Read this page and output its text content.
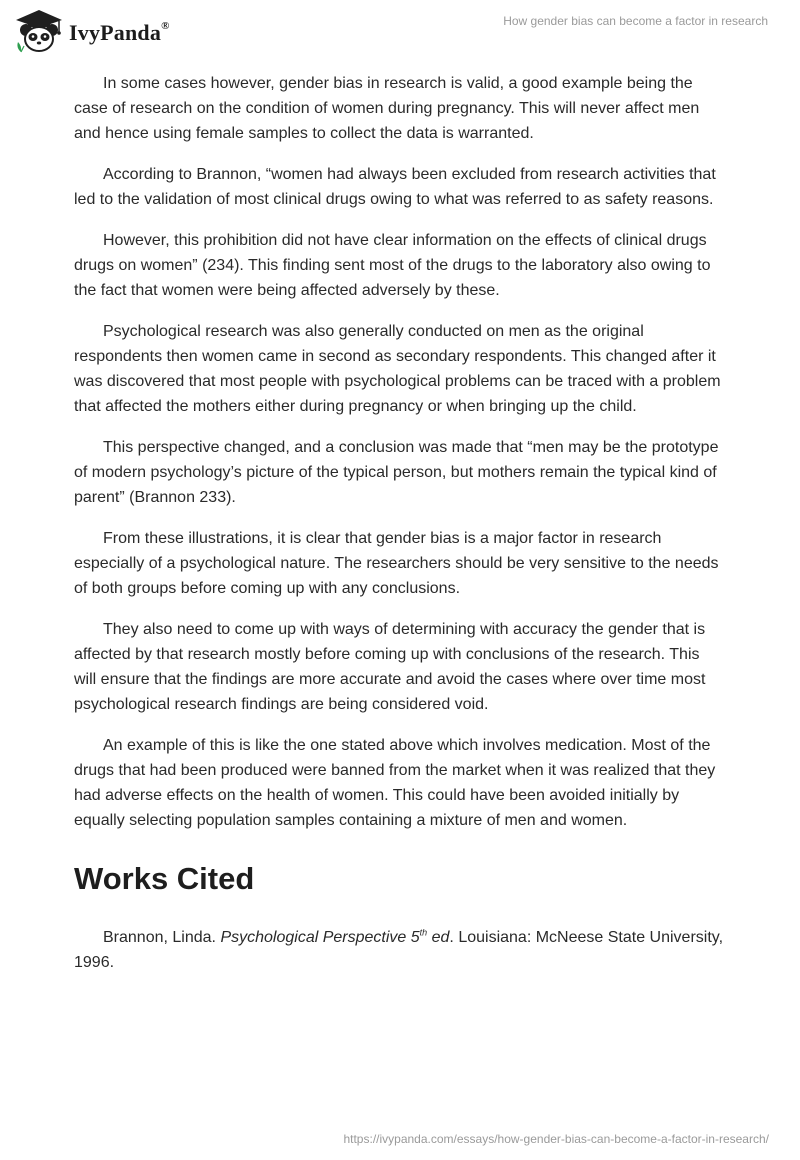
IvyPanda®	How gender bias can become a factor in research

In some cases however, gender bias in research is valid, a good example being the case of research on the condition of women during pregnancy. This will never affect men and hence using female samples to collect the data is warranted.

According to Brannon, “women had always been excluded from research activities that led to the validation of most clinical drugs owing to what was referred to as safety reasons.

However, this prohibition did not have clear information on the effects of clinical drugs drugs on women” (234). This finding sent most of the drugs to the laboratory also owing to the fact that women were being affected adversely by these.

Psychological research was also generally conducted on men as the original respondents then women came in second as secondary respondents. This changed after it was discovered that most people with psychological problems can be traced with a problem that affected the mothers either during pregnancy or when bringing up the child.

This perspective changed, and a conclusion was made that “men may be the prototype of modern psychology’s picture of the typical person, but mothers remain the typical kind of parent” (Brannon 233).

From these illustrations, it is clear that gender bias is a major factor in research especially of a psychological nature. The researchers should be very sensitive to the needs of both groups before coming up with any conclusions.

They also need to come up with ways of determining with accuracy the gender that is affected by that research mostly before coming up with conclusions of the research. This will ensure that the findings are more accurate and avoid the cases where over time most psychological research findings are being considered void.

An example of this is like the one stated above which involves medication. Most of the drugs that had been produced were banned from the market when it was realized that they had adverse effects on the health of women. This could have been avoided initially by equally selecting population samples containing a mixture of men and women.

Works Cited

Brannon, Linda. Psychological Perspective 5th ed. Louisiana: McNeese State University, 1996.

https://ivypanda.com/essays/how-gender-bias-can-become-a-factor-in-research/
